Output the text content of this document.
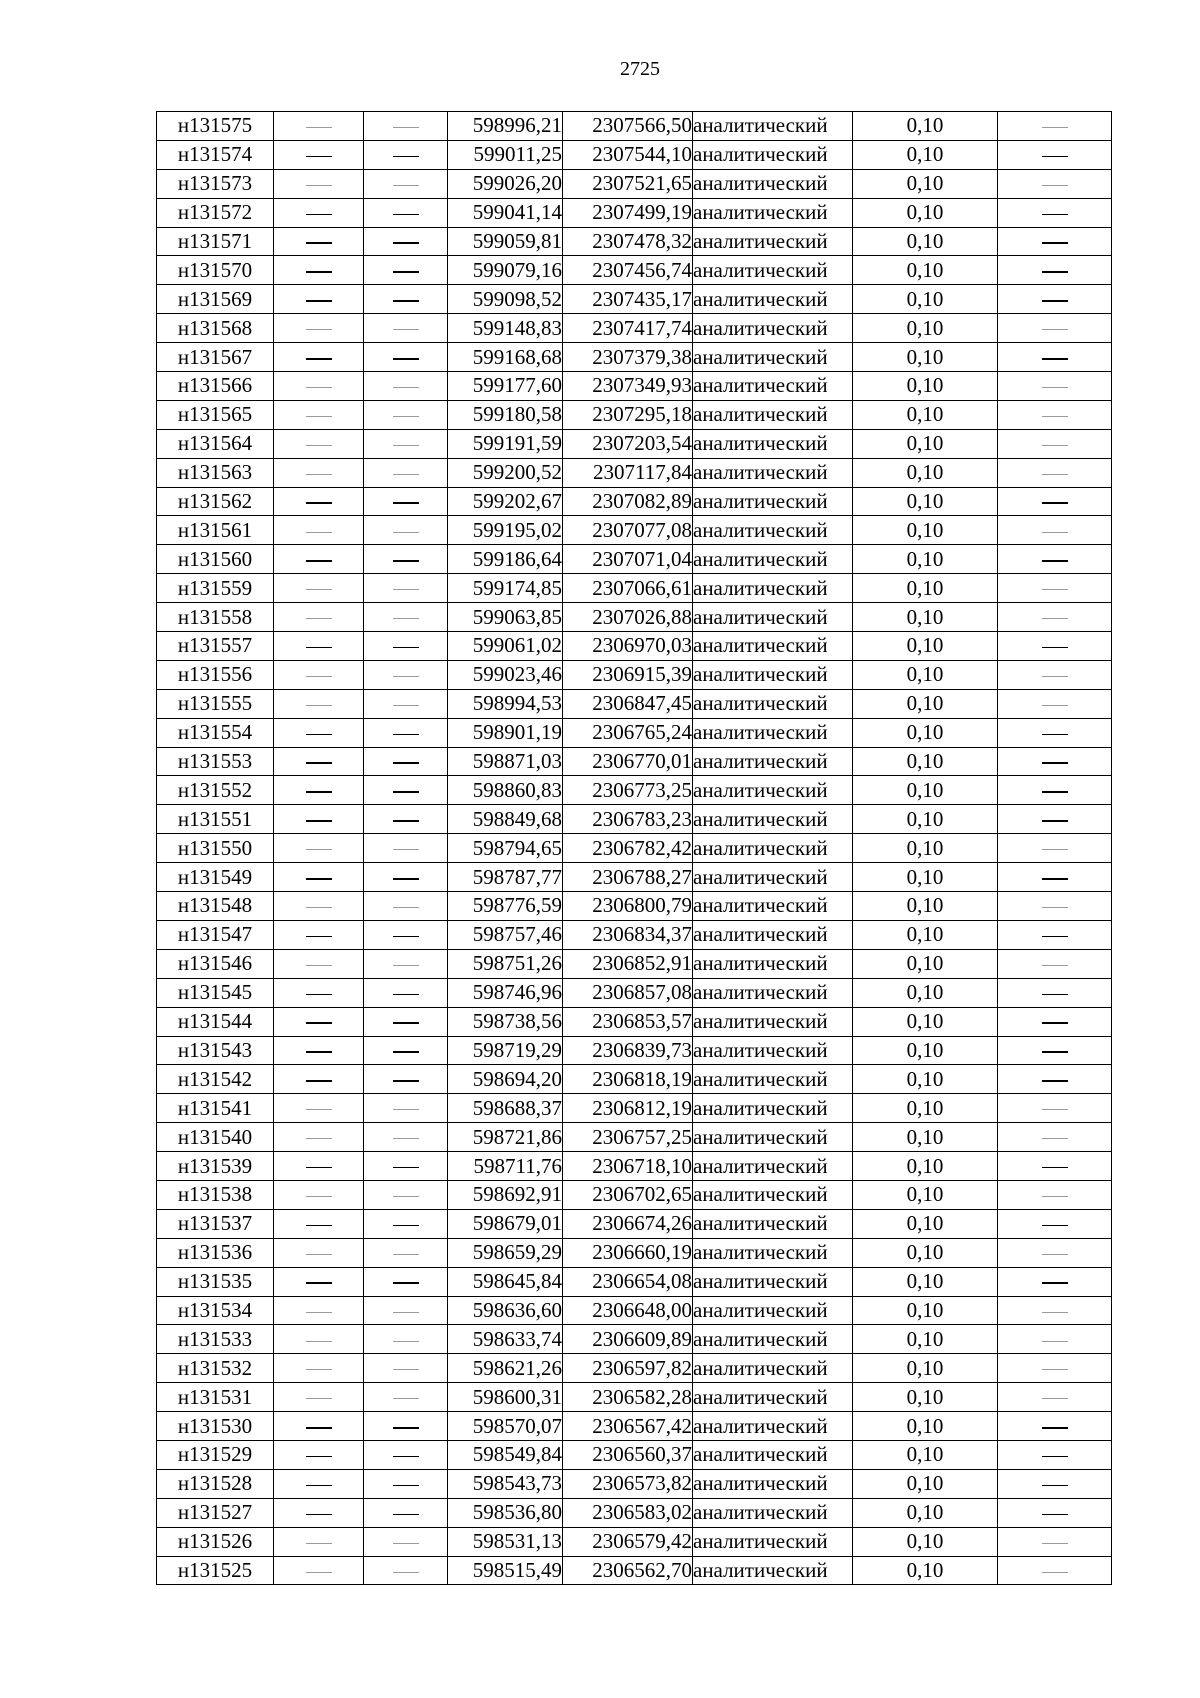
2725
н131575			598996,21	2307566,50	аналитический	0,10	
н131574			599011,25	2307544,10	аналитический	0,10	
н131573			599026,20	2307521,65	аналитический	0,10	
н131572			599041,14	2307499,19	аналитический	0,10	
н131571			599059,81	2307478,32	аналитический	0,10	
н131570			599079,16	2307456,74	аналитический	0,10	
н131569			599098,52	2307435,17	аналитический	0,10	
н131568			599148,83	2307417,74	аналитический	0,10	
н131567			599168,68	2307379,38	аналитический	0,10	
н131566			599177,60	2307349,93	аналитический	0,10	
н131565			599180,58	2307295,18	аналитический	0,10	
н131564			599191,59	2307203,54	аналитический	0,10	
н131563			599200,52	2307117,84	аналитический	0,10	
н131562			599202,67	2307082,89	аналитический	0,10	
н131561			599195,02	2307077,08	аналитический	0,10	
н131560			599186,64	2307071,04	аналитический	0,10	
н131559			599174,85	2307066,61	аналитический	0,10	
н131558			599063,85	2307026,88	аналитический	0,10	
н131557			599061,02	2306970,03	аналитический	0,10	
н131556			599023,46	2306915,39	аналитический	0,10	
н131555			598994,53	2306847,45	аналитический	0,10	
н131554			598901,19	2306765,24	аналитический	0,10	
н131553			598871,03	2306770,01	аналитический	0,10	
н131552			598860,83	2306773,25	аналитический	0,10	
н131551			598849,68	2306783,23	аналитический	0,10	
н131550			598794,65	2306782,42	аналитический	0,10	
н131549			598787,77	2306788,27	аналитический	0,10	
н131548			598776,59	2306800,79	аналитический	0,10	
н131547			598757,46	2306834,37	аналитический	0,10	
н131546			598751,26	2306852,91	аналитический	0,10	
н131545			598746,96	2306857,08	аналитический	0,10	
н131544			598738,56	2306853,57	аналитический	0,10	
н131543			598719,29	2306839,73	аналитический	0,10	
н131542			598694,20	2306818,19	аналитический	0,10	
н131541			598688,37	2306812,19	аналитический	0,10	
н131540			598721,86	2306757,25	аналитический	0,10	
н131539			598711,76	2306718,10	аналитический	0,10	
н131538			598692,91	2306702,65	аналитический	0,10	
н131537			598679,01	2306674,26	аналитический	0,10	
н131536			598659,29	2306660,19	аналитический	0,10	
н131535			598645,84	2306654,08	аналитический	0,10	
н131534			598636,60	2306648,00	аналитический	0,10	
н131533			598633,74	2306609,89	аналитический	0,10	
н131532			598621,26	2306597,82	аналитический	0,10	
н131531			598600,31	2306582,28	аналитический	0,10	
н131530			598570,07	2306567,42	аналитический	0,10	
н131529			598549,84	2306560,37	аналитический	0,10	
н131528			598543,73	2306573,82	аналитический	0,10	
н131527			598536,80	2306583,02	аналитический	0,10	
н131526			598531,13	2306579,42	аналитический	0,10	
н131525			598515,49	2306562,70	аналитический	0,10	
